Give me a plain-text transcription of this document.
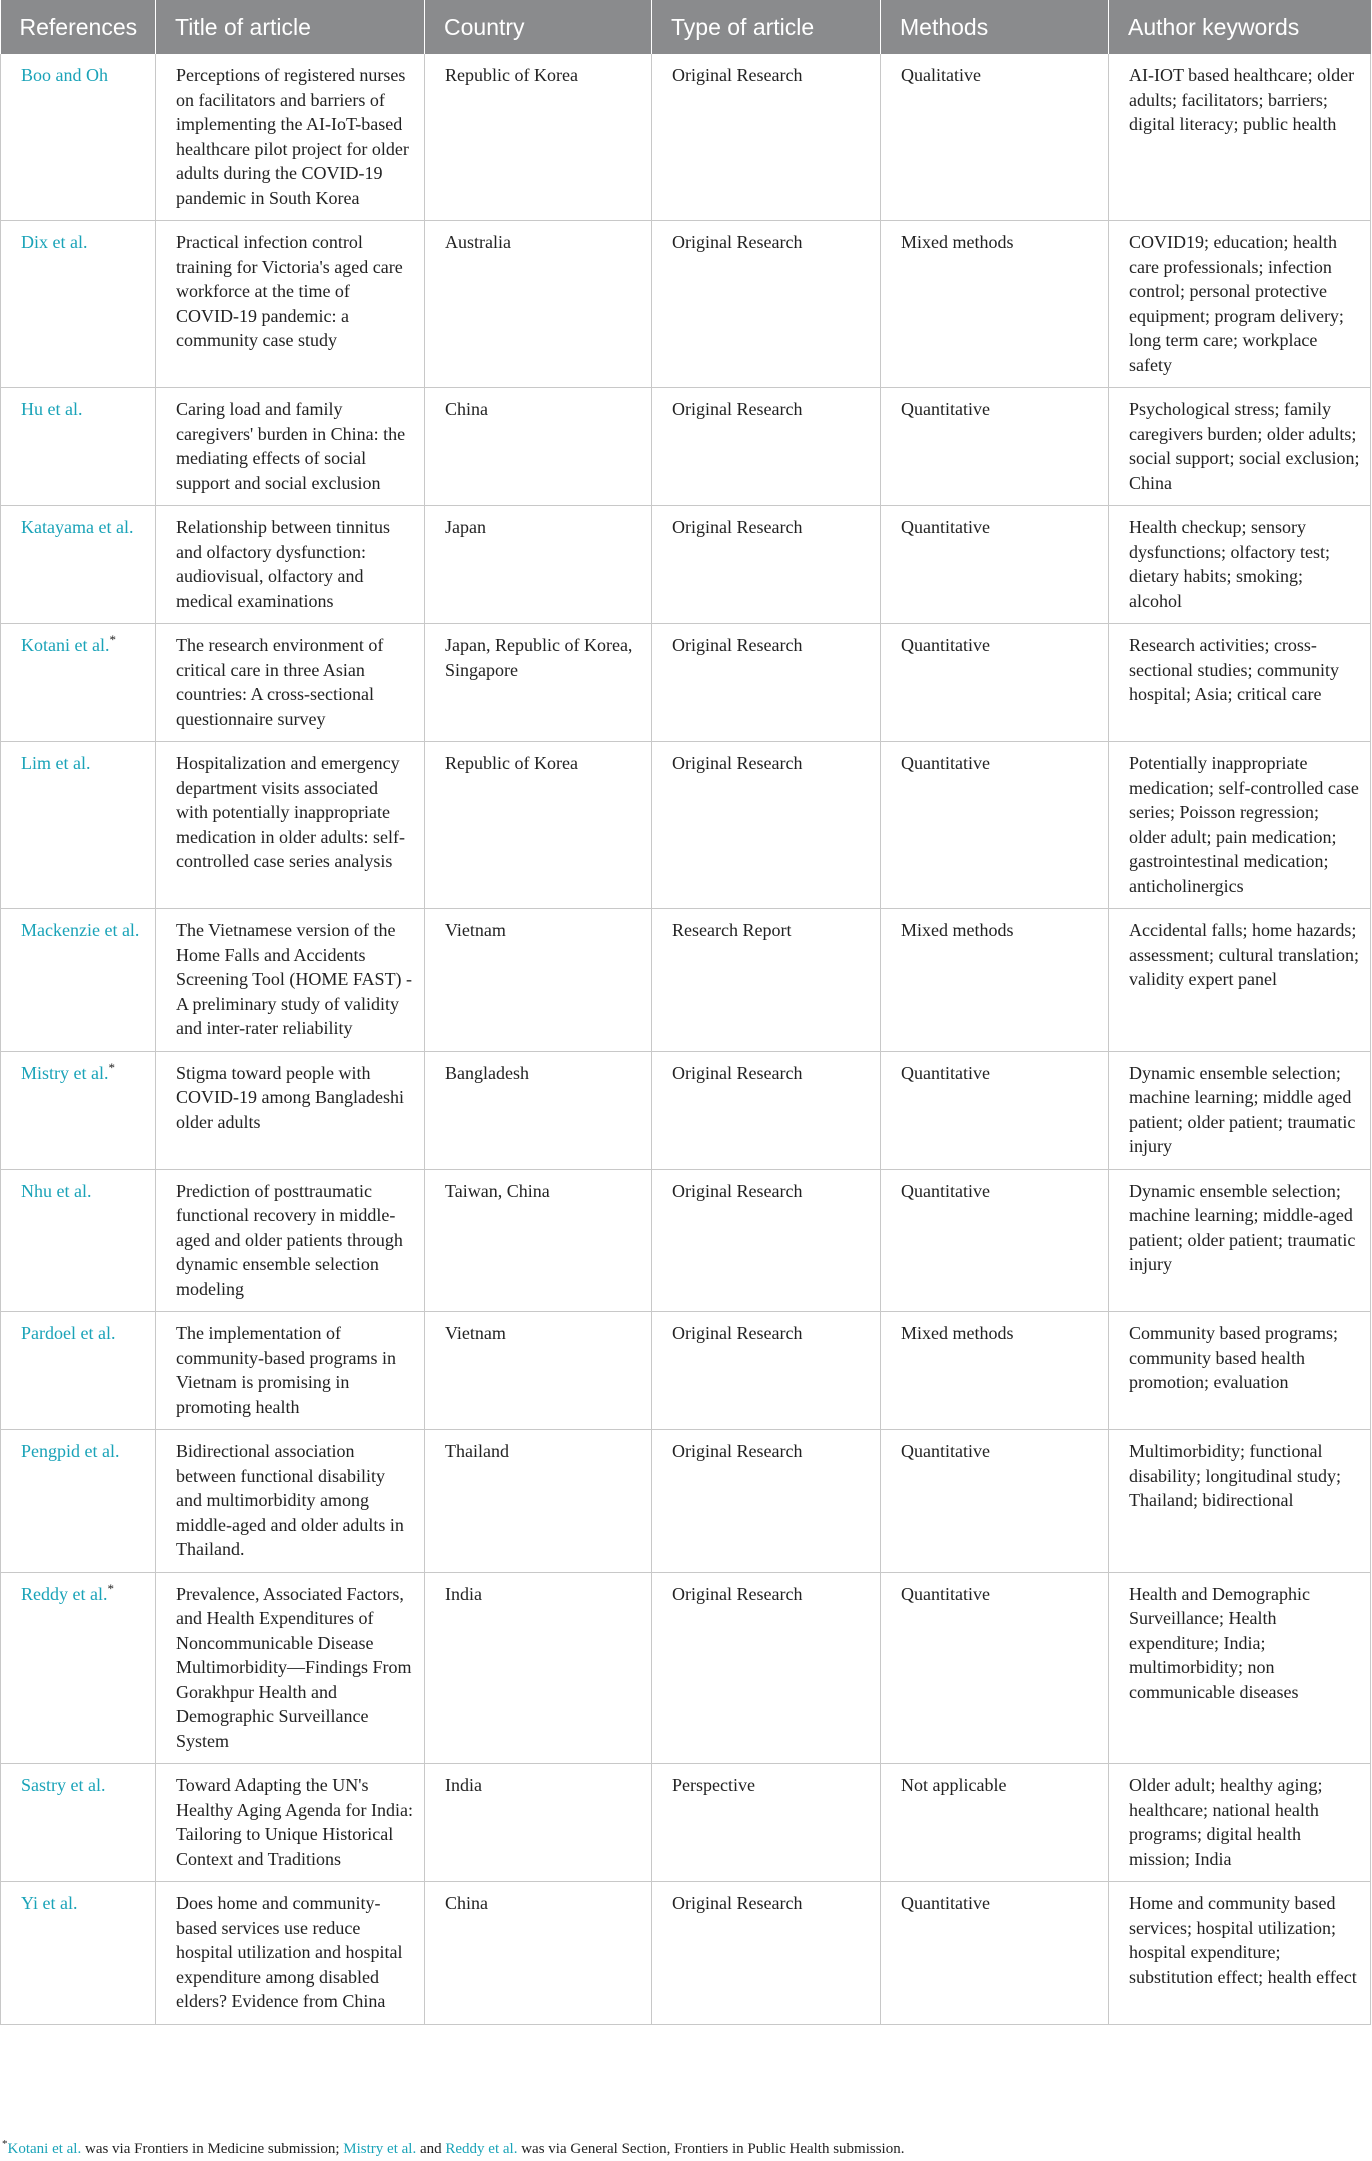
References	Title of article	Country	Type of article	Methods	Author keywords
Boo and Oh	Perceptions of registered nurses on facilitators and barriers of implementing the AI-IoT-based healthcare pilot project for older adults during the COVID-19 pandemic in South Korea	Republic of Korea	Original Research	Qualitative	AI-IOT based healthcare; older adults; facilitators; barriers; digital literacy; public health
Dix et al.	Practical infection control training for Victoria's aged care workforce at the time of COVID-19 pandemic: a community case study	Australia	Original Research	Mixed methods	COVID19; education; health care professionals; infection control; personal protective equipment; program delivery; long term care; workplace safety
Hu et al.	Caring load and family caregivers' burden in China: the mediating effects of social support and social exclusion	China	Original Research	Quantitative	Psychological stress; family caregivers burden; older adults; social support; social exclusion; China
Katayama et al.	Relationship between tinnitus and olfactory dysfunction: audiovisual, olfactory and medical examinations	Japan	Original Research	Quantitative	Health checkup; sensory dysfunctions; olfactory test; dietary habits; smoking; alcohol
Kotani et al.*	The research environment of critical care in three Asian countries: A cross-sectional questionnaire survey	Japan, Republic of Korea, Singapore	Original Research	Quantitative	Research activities; cross-sectional studies; community hospital; Asia; critical care
Lim et al.	Hospitalization and emergency department visits associated with potentially inappropriate medication in older adults: self-controlled case series analysis	Republic of Korea	Original Research	Quantitative	Potentially inappropriate medication; self-controlled case series; Poisson regression; older adult; pain medication; gastrointestinal medication; anticholinergics
Mackenzie et al.	The Vietnamese version of the Home Falls and Accidents Screening Tool (HOME FAST) - A preliminary study of validity and inter-rater reliability	Vietnam	Research Report	Mixed methods	Accidental falls; home hazards; assessment; cultural translation; validity expert panel
Mistry et al.*	Stigma toward people with COVID-19 among Bangladeshi older adults	Bangladesh	Original Research	Quantitative	Dynamic ensemble selection; machine learning; middle aged patient; older patient; traumatic injury
Nhu et al.	Prediction of posttraumatic functional recovery in middle-aged and older patients through dynamic ensemble selection modeling	Taiwan, China	Original Research	Quantitative	Dynamic ensemble selection; machine learning; middle-aged patient; older patient; traumatic injury
Pardoel et al.	The implementation of community-based programs in Vietnam is promising in promoting health	Vietnam	Original Research	Mixed methods	Community based programs; community based health promotion; evaluation
Pengpid et al.	Bidirectional association between functional disability and multimorbidity among middle-aged and older adults in Thailand.	Thailand	Original Research	Quantitative	Multimorbidity; functional disability; longitudinal study; Thailand; bidirectional
Reddy et al.*	Prevalence, Associated Factors, and Health Expenditures of Noncommunicable Disease Multimorbidity—Findings From Gorakhpur Health and Demographic Surveillance System	India	Original Research	Quantitative	Health and Demographic Surveillance; Health expenditure; India; multimorbidity; non communicable diseases
Sastry et al.	Toward Adapting the UN's Healthy Aging Agenda for India: Tailoring to Unique Historical Context and Traditions	India	Perspective	Not applicable	Older adult; healthy aging; healthcare; national health programs; digital health mission; India
Yi et al.	Does home and community-based services use reduce hospital utilization and hospital expenditure among disabled elders? Evidence from China	China	Original Research	Quantitative	Home and community based services; hospital utilization; hospital expenditure; substitution effect; health effect
*Kotani et al. was via Frontiers in Medicine submission; Mistry et al. and Reddy et al. was via General Section, Frontiers in Public Health submission.
